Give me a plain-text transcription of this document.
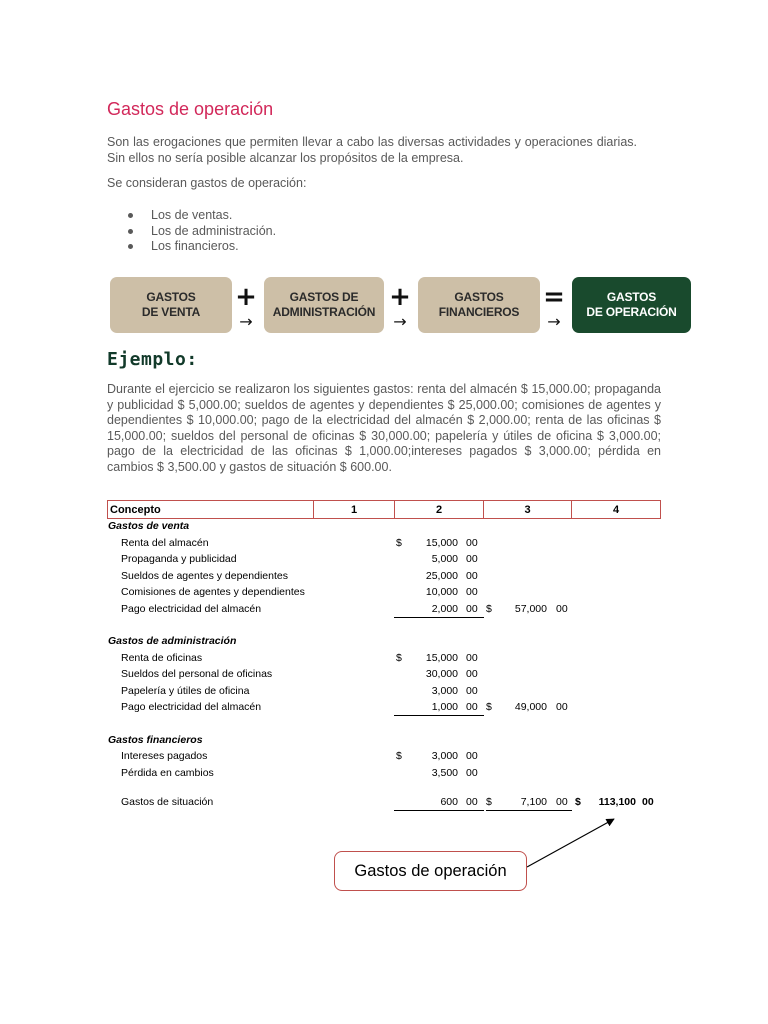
Gastos de operación
Son las erogaciones que permiten llevar a cabo las diversas actividades y operaciones diarias. Sin ellos no sería posible alcanzar los propósitos de la empresa.
Se consideran gastos de operación:
Los de ventas.
Los de administración.
Los financieros.
GASTOS
DE VENTA	+
→
GASTOS DE
ADMINISTRACIÓN +
→
GASTOS
FINANCIEROS =
→
GASTOS
DE OPERACIÓN
Ejemplo:
Durante el ejercicio se realizaron los siguientes gastos: renta del almacén $ 15,000.00; propaganda y publicidad $ 5,000.00; sueldos de agentes y dependientes $ 25,000.00; comisiones de agentes y dependientes $ 10,000.00; pago de la electricidad del almacén $ 2,000.00; renta de las oficinas $ 15,000.00; sueldos del personal de oficinas $ 30,000.00; papelería y útiles de oficina $ 3,000.00; pago de la electricidad de las oficinas $ 1,000.00;intereses pagados $ 3,000.00; pérdida en cambios $ 3,500.00 y gastos de situación $ 600.00.
Concepto	1	2	3	4
Gastos de venta
Renta del almacén	$	15,000 00
Propaganda y publicidad	5,000 00
Sueldos de agentes y dependientes	25,000 00
Comisiones de agentes y dependientes	10,000 00
Pago electricidad del almacén	2,000 00 $	57,000 00
Gastos de administración
Renta de oficinas	$	15,000 00
Sueldos del personal de oficinas	30,000 00
Papelería y útiles de oficina	3,000 00
Pago electricidad del almacén	1,000 00 $	49,000 00
Gastos financieros
Intereses pagados	$	3,000 00
Pérdida en cambios	3,500 00
Gastos de situación	600 00 $	7,100 00 $	113,100 00
Gastos de operación
